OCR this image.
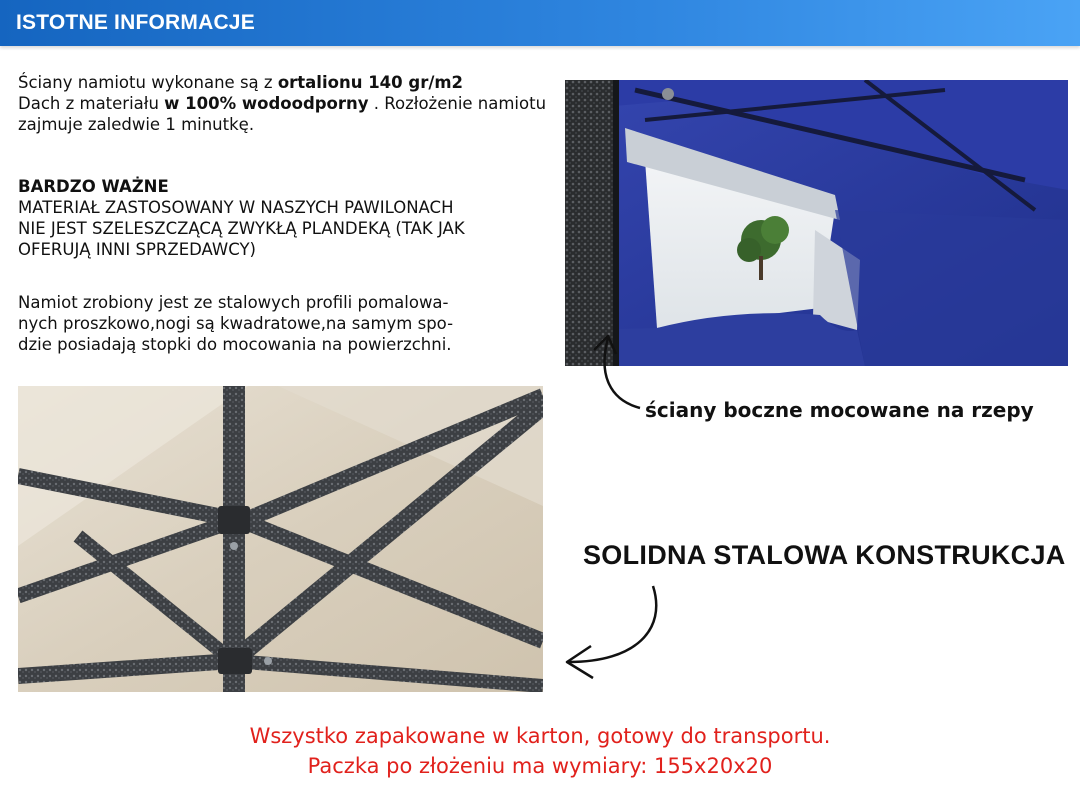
ISTOTNE INFORMACJE
Ściany namiotu wykonane są z ortalionu 140 gr/m2
Dach z materiału w 100% wodoodporny . Rozłożenie namiotu zajmuje zaledwie 1 minutkę.
BARDZO WAŻNE
MATERIAŁ ZASTOSOWANY W NASZYCH PAWILONACH
NIE JEST SZELESZCZĄCĄ ZWYKŁĄ PLANDEKĄ (TAK JAK
OFERUJĄ INNI SPRZEDAWCY)
Namiot zrobiony jest ze stalowych profili pomalowa-
nych proszkowo,nogi są kwadratowe,na samym spo-
dzie posiadają stopki do mocowania na powierzchni.
ściany boczne mocowane na rzepy
SOLIDNA STALOWA KONSTRUKCJA
Wszystko zapakowane w karton, gotowy do transportu.
Paczka po złożeniu ma wymiary: 155x20x20
